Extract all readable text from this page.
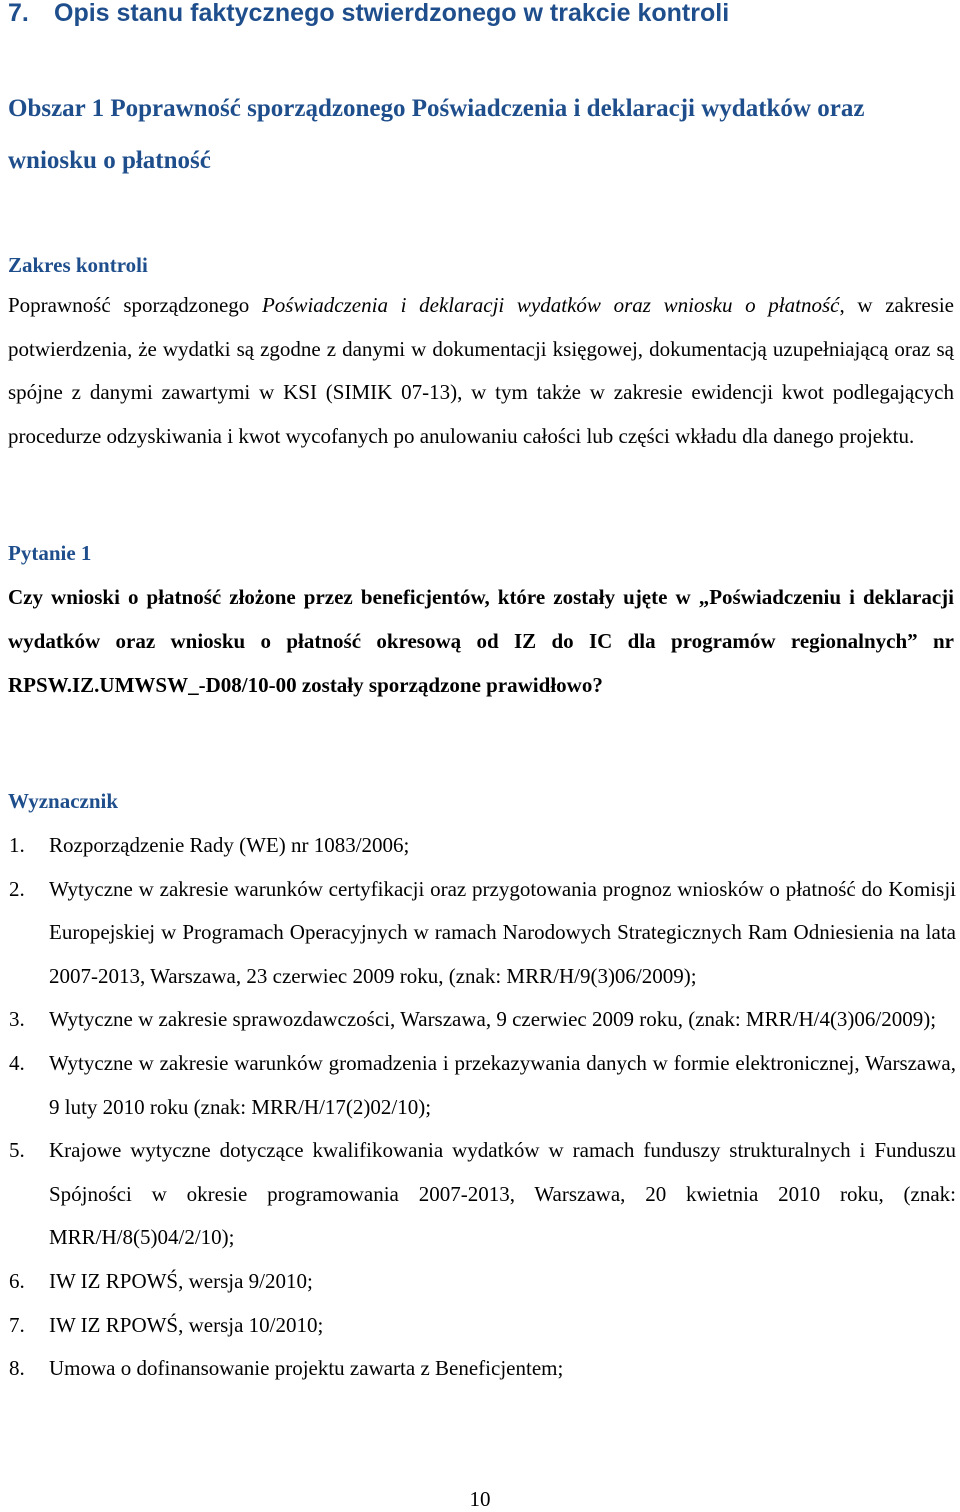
7. Opis stanu faktycznego stwierdzonego w trakcie kontroli
Obszar 1 Poprawność sporządzonego Poświadczenia i deklaracji wydatków oraz wniosku o płatność

Zakres kontroli

Poprawność sporządzonego Poświadczenia i deklaracji wydatków oraz wniosku o płatność, w zakresie potwierdzenia, że wydatki są zgodne z danymi w dokumentacji księgowej, dokumentacją uzupełniającą oraz są spójne z danymi zawartymi w KSI (SIMIK 07-13), w tym także w zakresie ewidencji kwot podlegających procedurze odzyskiwania i kwot wycofanych po anulowaniu całości lub części wkładu dla danego projektu.

Pytanie 1

Czy wnioski o płatność złożone przez beneficjentów, które zostały ujęte w „Poświadczeniu i deklaracji wydatków oraz wniosku o płatność okresową od IZ do IC dla programów regionalnych” nr RPSW.IZ.UMWSW_-D08/10-00 zostały sporządzone prawidłowo?

Wyznacznik

1. Rozporządzenie Rady (WE) nr 1083/2006;
2. Wytyczne w zakresie warunków certyfikacji oraz przygotowania prognoz wniosków o płatność do Komisji Europejskiej w Programach Operacyjnych w ramach Narodowych Strategicznych Ram Odniesienia na lata 2007-2013, Warszawa, 23 czerwiec 2009 roku, (znak: MRR/H/9(3)06/2009);
3. Wytyczne w zakresie sprawozdawczości, Warszawa, 9 czerwiec 2009 roku, (znak: MRR/H/4(3)06/2009);
4. Wytyczne w zakresie warunków gromadzenia i przekazywania danych w formie elektronicznej, Warszawa, 9 luty 2010 roku (znak: MRR/H/17(2)02/10);
5. Krajowe wytyczne dotyczące kwalifikowania wydatków w ramach funduszy strukturalnych i Funduszu Spójności w okresie programowania 2007-2013, Warszawa, 20 kwietnia 2010 roku, (znak: MRR/H/8(5)04/2/10);
6. IW IZ RPOWŚ, wersja 9/2010;
7. IW IZ RPOWŚ, wersja 10/2010;
8. Umowa o dofinansowanie projektu zawarta z Beneficjentem;
10
